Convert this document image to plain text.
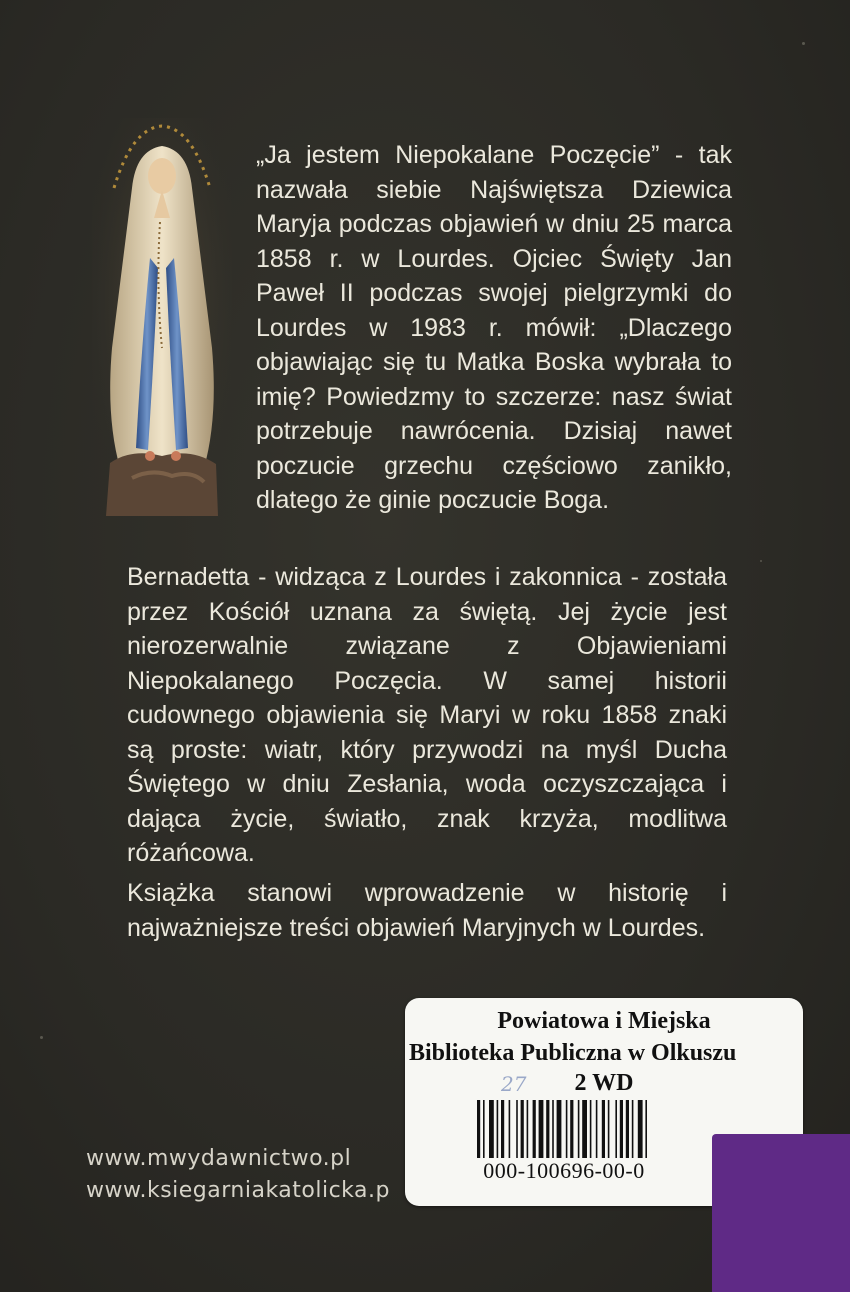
„Ja jestem Niepokalane Poczęcie” - tak nazwała siebie Najświętsza Dziewica Maryja podczas objawień w dniu 25 marca 1858 r. w Lourdes. Ojciec Święty Jan Paweł II podczas swojej pielgrzymki do Lourdes w 1983 r. mówił: „Dlaczego objawiając się tu Matka Boska wybrała to imię? Powiedzmy to szczerze: nasz świat potrzebuje nawrócenia. Dzisiaj nawet poczucie grzechu częściowo zanikło, dlatego że ginie poczucie Boga.

Bernadetta - widząca z Lourdes i zakonnica - została przez Kościół uznana za świętą. Jej życie jest nierozerwalnie związane z Objawieniami Niepokalanego Poczęcia. W samej historii cudownego objawienia się Maryi w roku 1858 znaki są proste: wiatr, który przywodzi na myśl Ducha Świętego w dniu Zesłania, woda oczyszczająca i dająca życie, światło, znak krzyża, modlitwa różańcowa.

Książka stanowi wprowadzenie w historię i najważniejsze treści objawień Maryjnych w Lourdes.

www.mwydawnictwo.pl
www.ksiegarniakatolicka.p
Powiatowa i Miejska
Biblioteka Publiczna w Olkuszu
27	2 WD
000-100696-00-0
